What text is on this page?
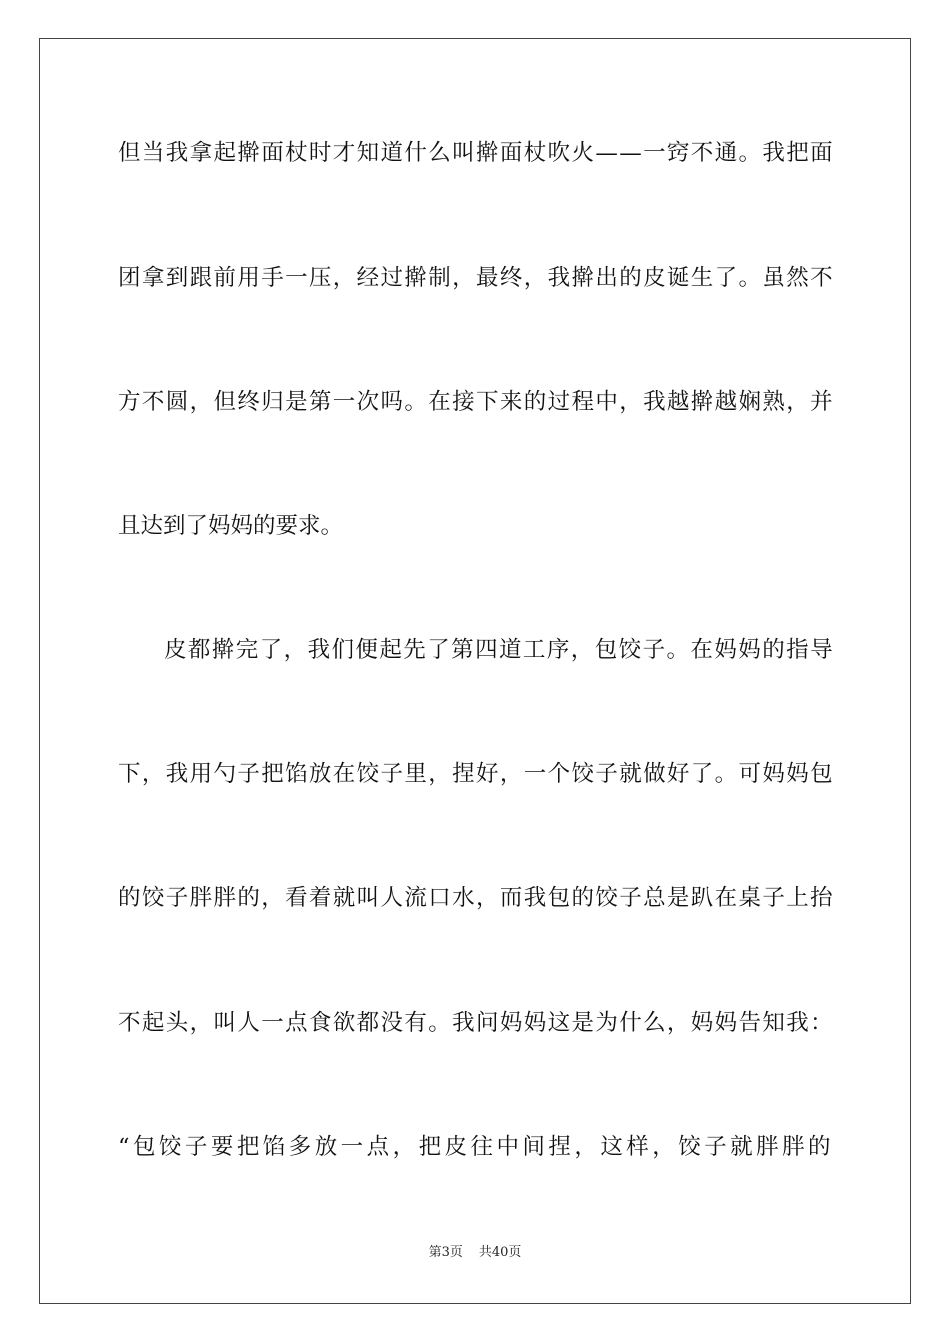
但当我拿起擀面杖时才知道什么叫擀面杖吹火——一窍不通。我把面
团拿到跟前用手一压，经过擀制，最终，我擀出的皮诞生了。虽然不
方不圆，但终归是第一次吗。在接下来的过程中，我越擀越娴熟，并
且达到了妈妈的要求。
皮都擀完了，我们便起先了第四道工序，包饺子。在妈妈的指导
下，我用勺子把馅放在饺子里，捏好，一个饺子就做好了。可妈妈包
的饺子胖胖的，看着就叫人流口水，而我包的饺子总是趴在桌子上抬
不起头，叫人一点食欲都没有。我问妈妈这是为什么，妈妈告知我：
“包饺子要把馅多放一点，把皮往中间捏，这样，饺子就胖胖的
第3页 共40页
